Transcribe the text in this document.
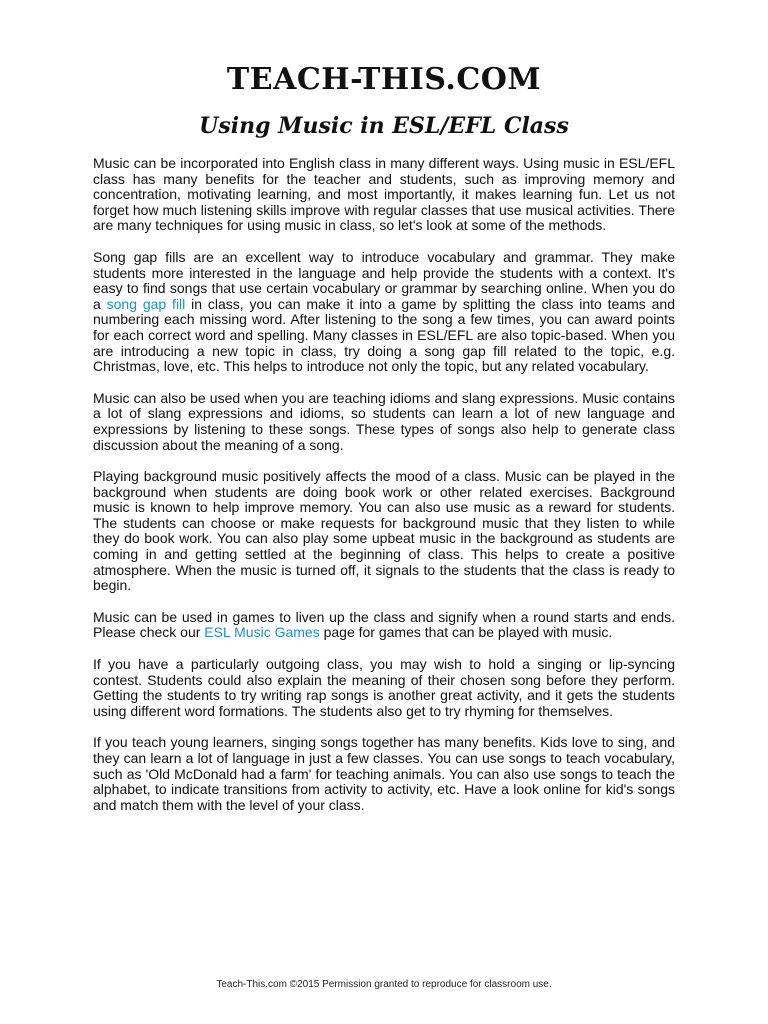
TEACH-THIS.COM
Using Music in ESL/EFL Class

Music can be incorporated into English class in many different ways. Using music in ESL/EFL class has many benefits for the teacher and students, such as improving memory and concentration, motivating learning, and most importantly, it makes learning fun. Let us not forget how much listening skills improve with regular classes that use musical activities. There are many techniques for using music in class, so let's look at some of the methods.

Song gap fills are an excellent way to introduce vocabulary and grammar. They make students more interested in the language and help provide the students with a context. It's easy to find songs that use certain vocabulary or grammar by searching online. When you do a song gap fill in class, you can make it into a game by splitting the class into teams and numbering each missing word. After listening to the song a few times, you can award points for each correct word and spelling. Many classes in ESL/EFL are also topic-based. When you are introducing a new topic in class, try doing a song gap fill related to the topic, e.g. Christmas, love, etc. This helps to introduce not only the topic, but any related vocabulary.

Music can also be used when you are teaching idioms and slang expressions. Music contains a lot of slang expressions and idioms, so students can learn a lot of new language and expressions by listening to these songs. These types of songs also help to generate class discussion about the meaning of a song.

Playing background music positively affects the mood of a class. Music can be played in the background when students are doing book work or other related exercises. Background music is known to help improve memory. You can also use music as a reward for students. The students can choose or make requests for background music that they listen to while they do book work. You can also play some upbeat music in the background as students are coming in and getting settled at the beginning of class. This helps to create a positive atmosphere. When the music is turned off, it signals to the students that the class is ready to begin.

Music can be used in games to liven up the class and signify when a round starts and ends. Please check our ESL Music Games page for games that can be played with music.

If you have a particularly outgoing class, you may wish to hold a singing or lip-syncing contest. Students could also explain the meaning of their chosen song before they perform. Getting the students to try writing rap songs is another great activity, and it gets the students using different word formations. The students also get to try rhyming for themselves.

If you teach young learners, singing songs together has many benefits. Kids love to sing, and they can learn a lot of language in just a few classes. You can use songs to teach vocabulary, such as 'Old McDonald had a farm' for teaching animals. You can also use songs to teach the alphabet, to indicate transitions from activity to activity, etc. Have a look online for kid's songs and match them with the level of your class.

Teach-This.com ©2015 Permission granted to reproduce for classroom use.
